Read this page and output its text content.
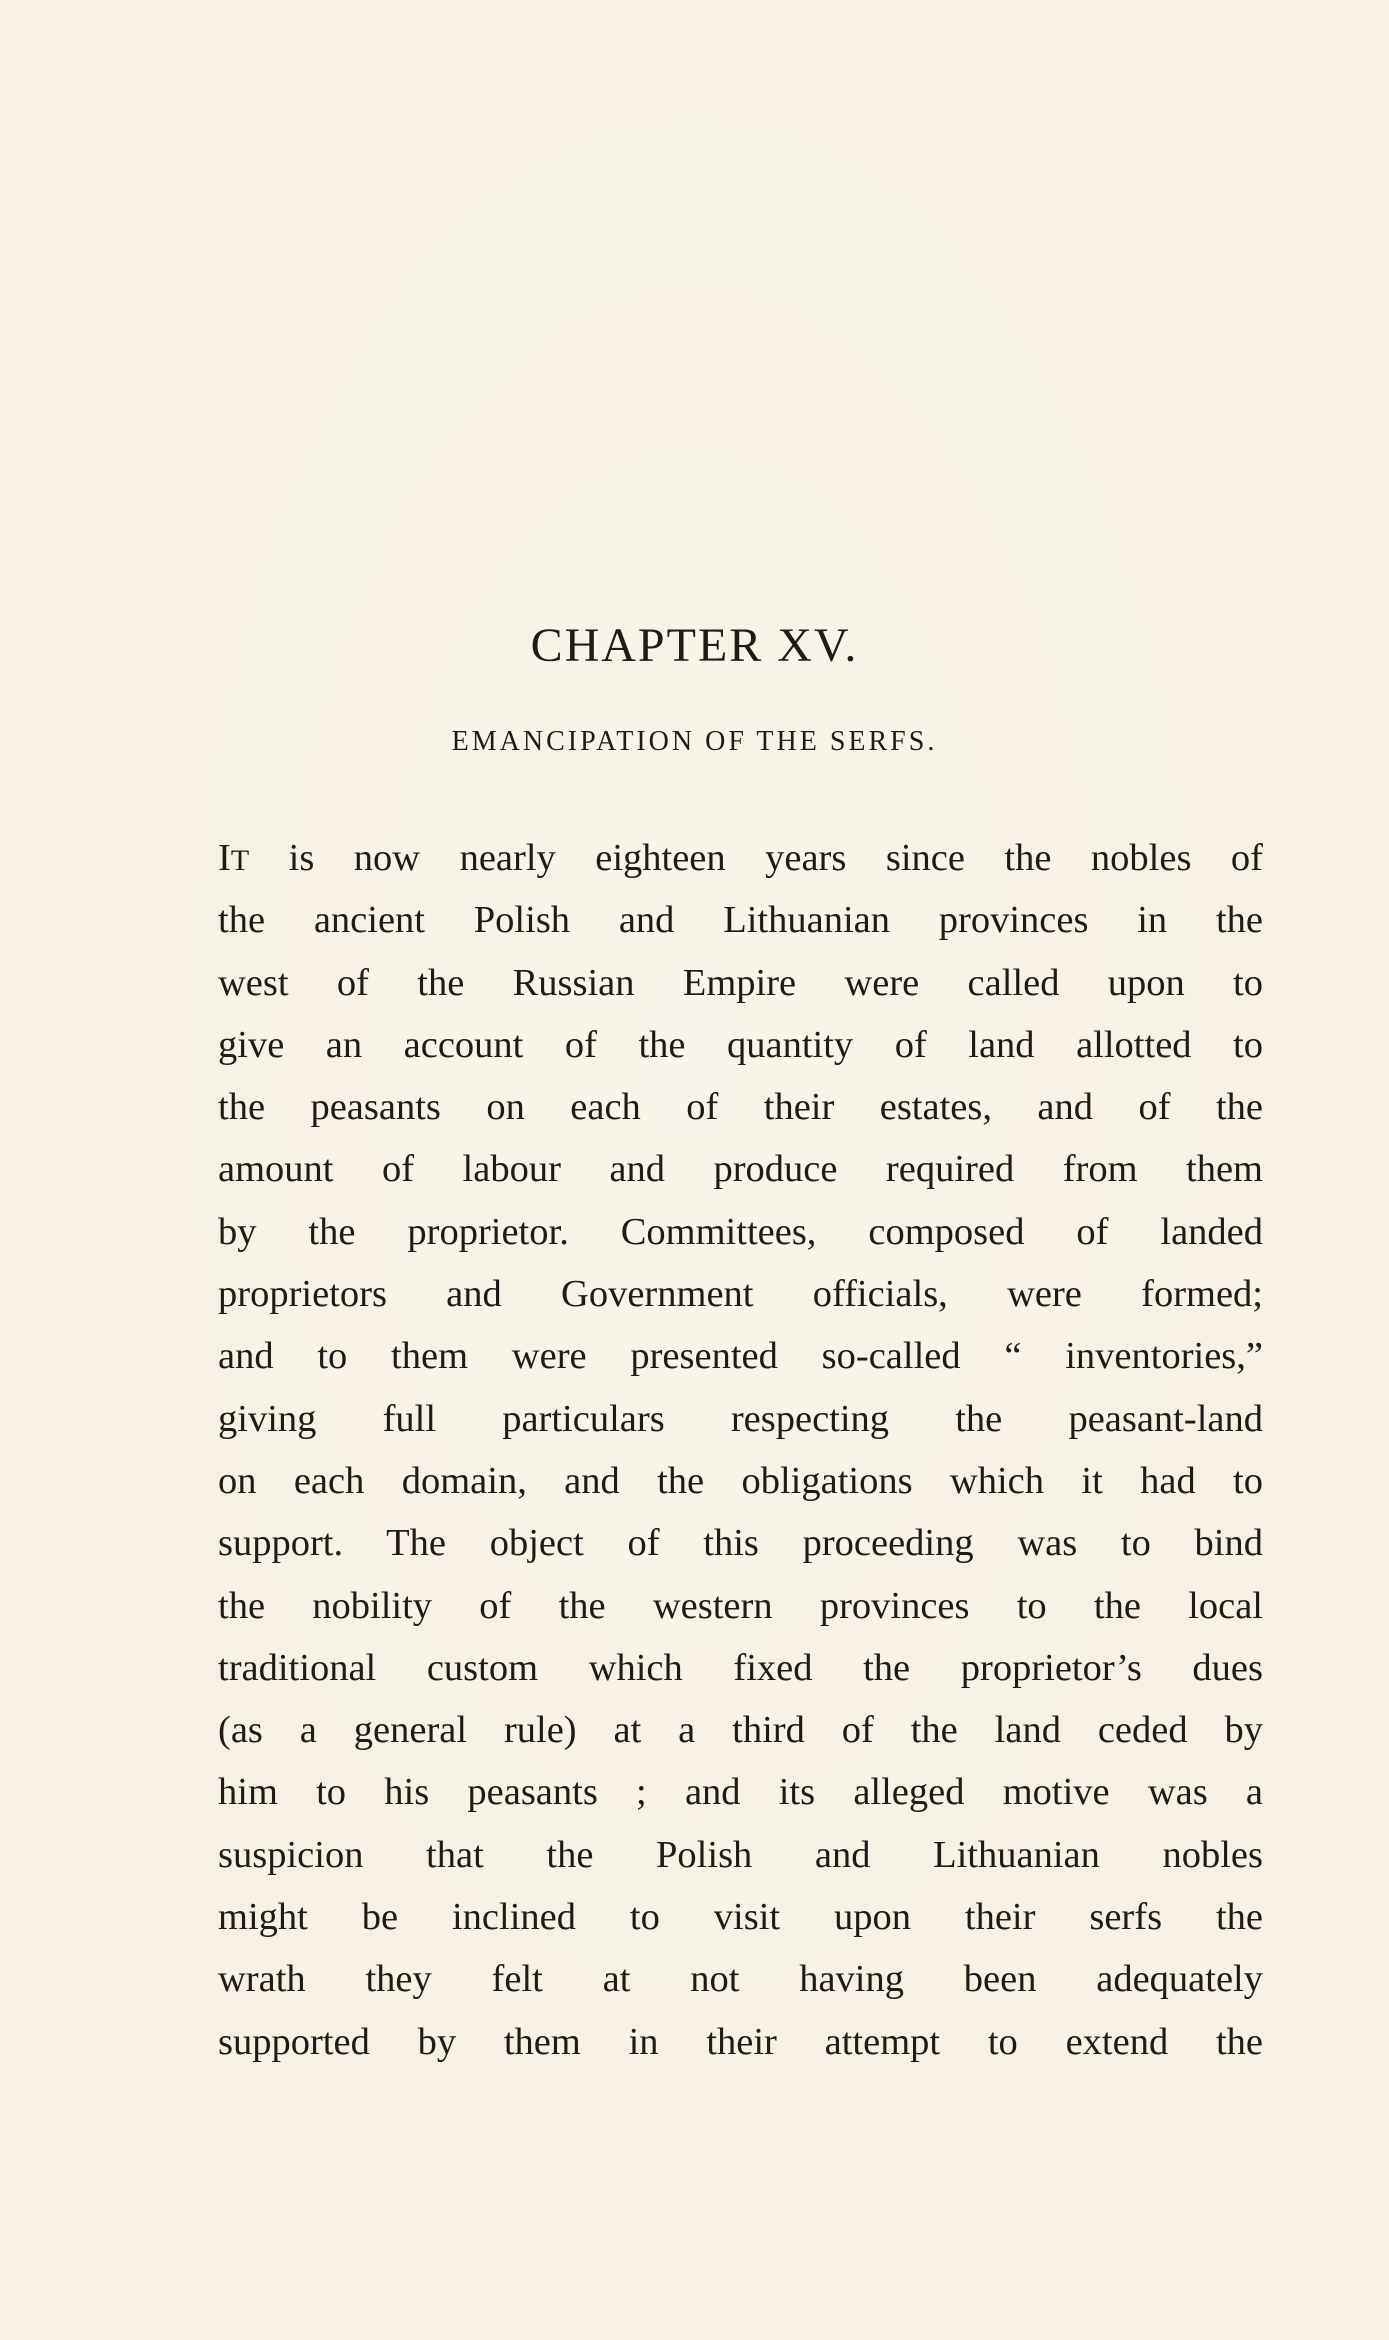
CHAPTER XV.
EMANCIPATION OF THE SERFS.
IT is now nearly eighteen years since the nobles of
the ancient Polish and Lithuanian provinces in the
west of the Russian Empire were called upon to
give an account of the quantity of land allotted to
the peasants on each of their estates, and of the
amount of labour and produce required from them
by the proprietor. Committees, composed of landed
proprietors and Government officials, were formed;
and to them were presented so-called “ inventories,”
giving full particulars respecting the peasant-land
on each domain, and the obligations which it had to
support. The object of this proceeding was to bind
the nobility of the western provinces to the local
traditional custom which fixed the proprietor’s dues
(as a general rule) at a third of the land ceded by
him to his peasants ; and its alleged motive was a
suspicion that the Polish and Lithuanian nobles
might be inclined to visit upon their serfs the
wrath they felt at not having been adequately
supported by them in their attempt to extend the
